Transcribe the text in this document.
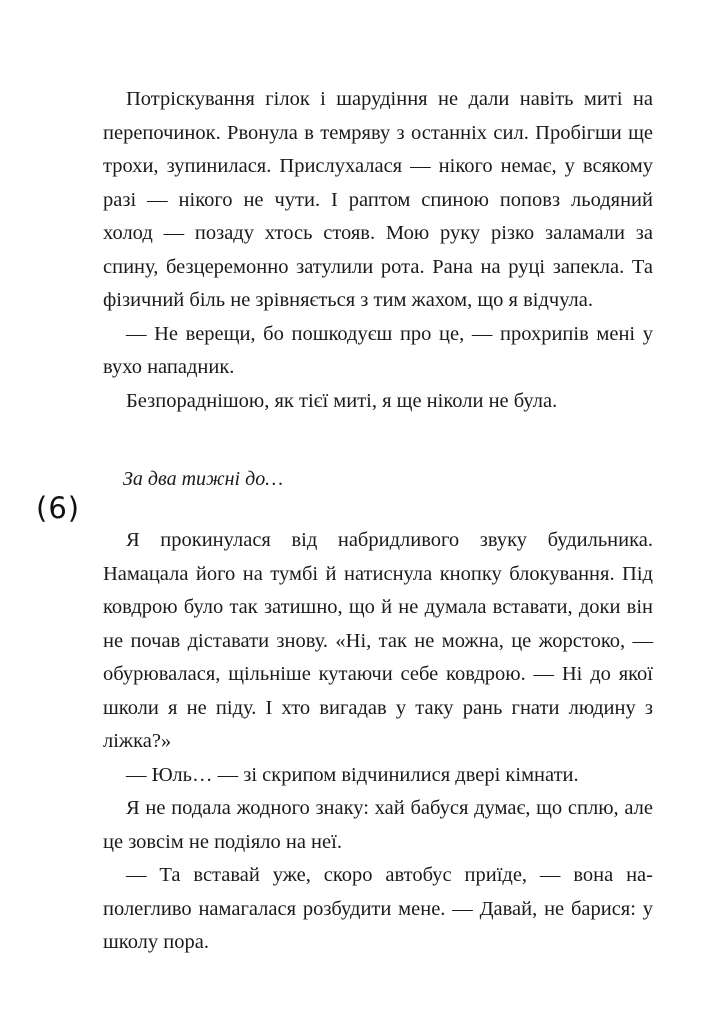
Потріскування гілок і шарудіння не дали навіть миті на перепочинок. Рвонула в темряву з останніх сил. Пробігши ще трохи, зупинилася. Прислухалася — нікого немає, у всякому разі — нікого не чути. І раптом спиною поповз льодяний холод — позаду хтось стояв. Мою руку різко заламали за спину, безцеремонно затулили рота. Рана на руці запекла. Та фізичний біль не зрівняється з тим жахом, що я відчула.

— Не верещи, бо пошкодуєш про це, — прохрипів мені у вухо нападник.

Безпораднішою, як тієї миті, я ще ніколи не була.

За два тижні до…
(6)

Я прокинулася від набридливого звуку будильника. Намацала його на тумбі й натиснула кнопку блокування. Під ковдрою було так затишно, що й не думала вставати, доки він не почав діставати знову. «Ні, так не можна, це жорстоко, — обурювалася, щільніше кутаючи себе ковдрою. — Ні до якої школи я не піду. І хто вигадав у таку рань гнати людину з ліжка?»

— Юль… — зі скрипом відчинилися двері кімнати.

Я не подала жодного знаку: хай бабуся думає, що сплю, але це зовсім не подіяло на неї.

— Та вставай уже, скоро автобус приїде, — вона наполегливо намагалася розбудити мене. — Давай, не барися: у школу пора.
